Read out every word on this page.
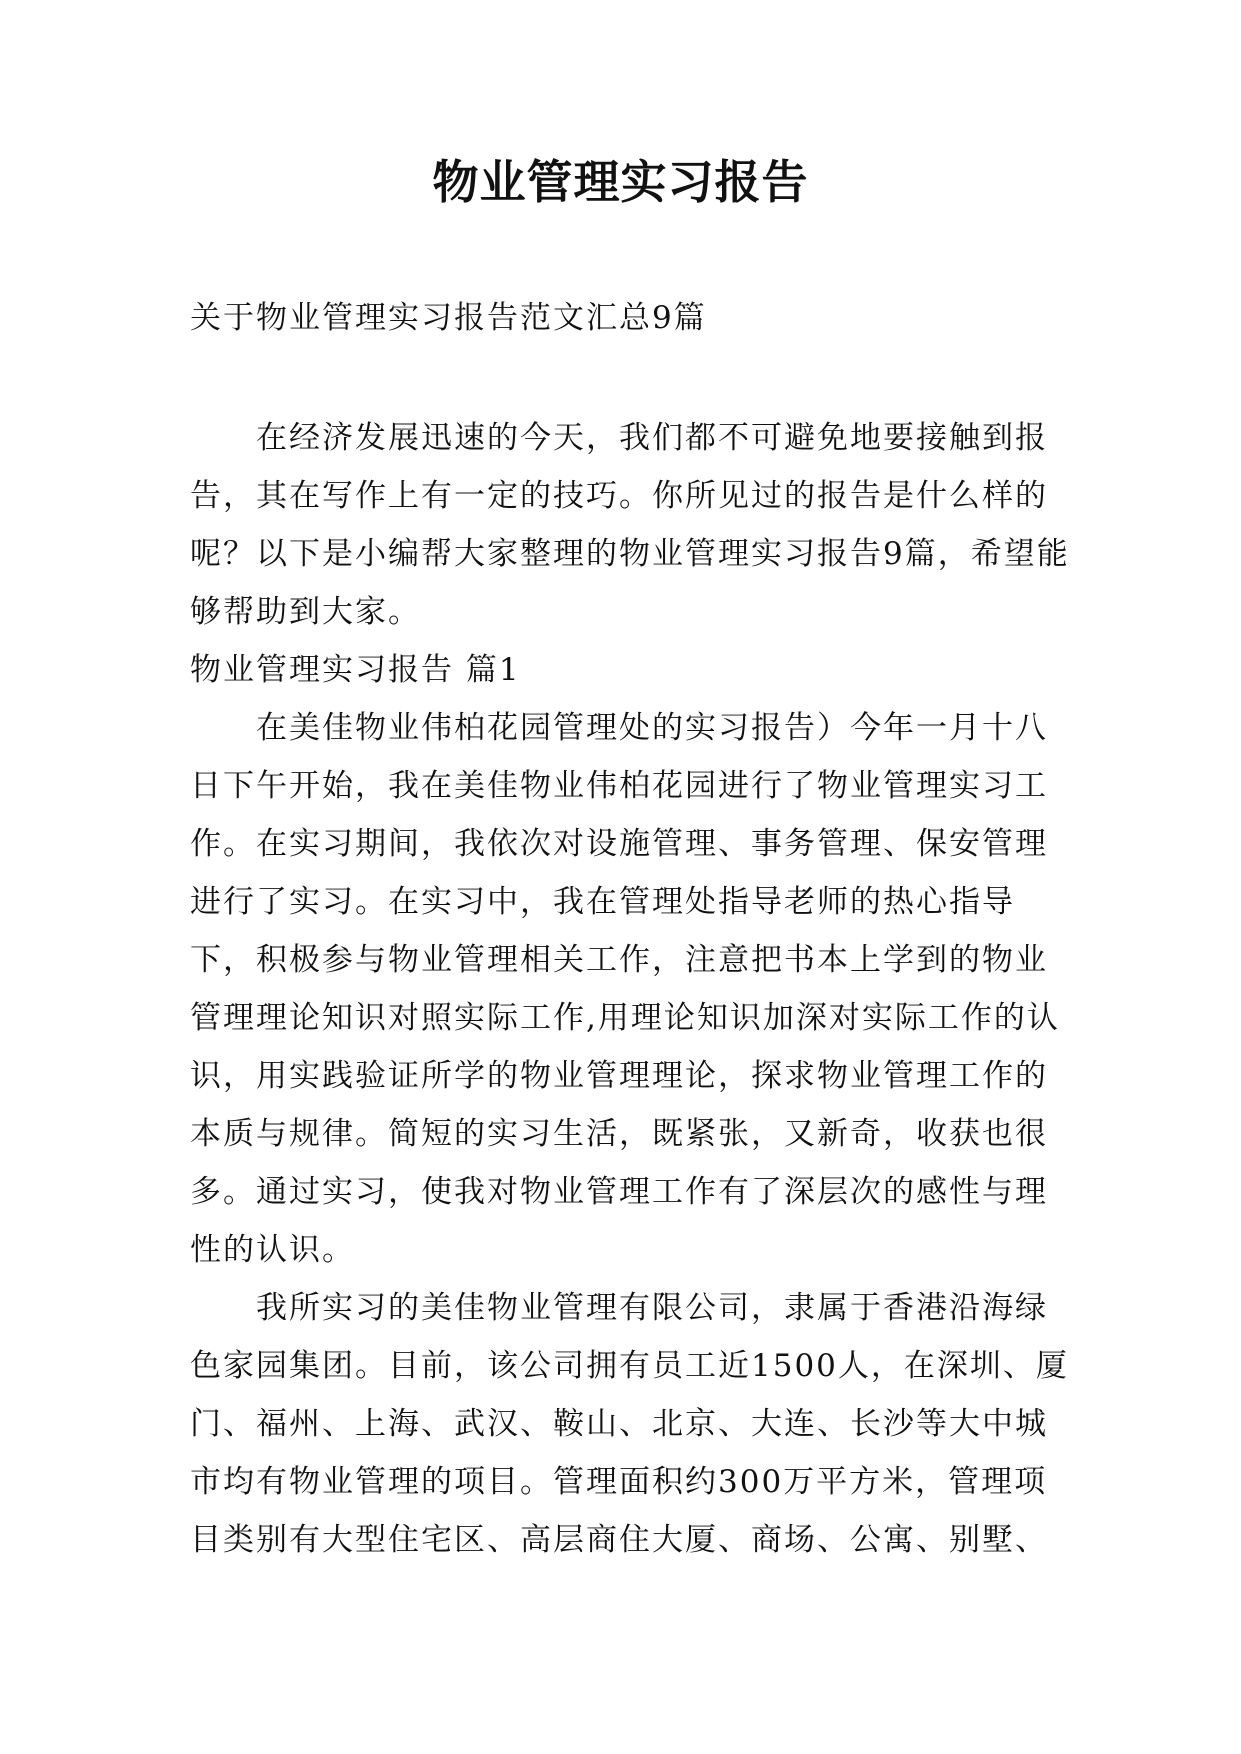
物业管理实习报告
关于物业管理实习报告范文汇总9篇

在经济发展迅速的今天，我们都不可避免地要接触到报告，其在写作上有一定的技巧。你所见过的报告是什么样的呢？以下是小编帮大家整理的物业管理实习报告9篇，希望能够帮助到大家。

物业管理实习报告 篇1

在美佳物业伟柏花园管理处的实习报告）今年一月十八日下午开始，我在美佳物业伟柏花园进行了物业管理实习工作。在实习期间，我依次对设施管理、事务管理、保安管理进行了实习。在实习中，我在管理处指导老师的热心指导下，积极参与物业管理相关工作，注意把书本上学到的物业管理理论知识对照实际工作,用理论知识加深对实际工作的认识，用实践验证所学的物业管理理论，探求物业管理工作的本质与规律。简短的实习生活，既紧张，又新奇，收获也很多。通过实习，使我对物业管理工作有了深层次的感性与理性的认识。

我所实习的美佳物业管理有限公司，隶属于香港沿海绿色家园集团。目前，该公司拥有员工近1500人，在深圳、厦门、福州、上海、武汉、鞍山、北京、大连、长沙等大中城市均有物业管理的项目。管理面积约300万平方米，管理项目类别有大型住宅区、高层商住大厦、商场、公寓、别墅、
